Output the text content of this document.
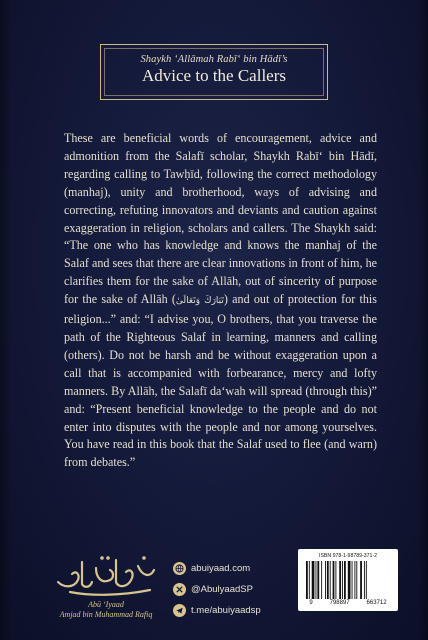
Shaykh ‘Allāmah Rabī‘ bin Hādī’s
Advice to the Callers
These are beneficial words of encouragement, advice and admonition from the Salafī scholar, Shaykh Rabī‘ bin Hādī, regarding calling to Tawḥīd, following the correct methodology (manhaj), unity and brotherhood, ways of advising and correcting, refuting innovators and deviants and caution against exaggeration in religion, scholars and callers. The Shaykh said: “The one who has knowledge and knows the manhaj of the Salaf and sees that there are clear innovations in front of him, he clarifies them for the sake of Allāh, out of sincerity of purpose for the sake of Allāh (تَبَارَكَ وَتَعَالَىٰ) and out of protection for this religion...” and: “I advise you, O brothers, that you traverse the path of the Righteous Salaf in learning, manners and calling (others). Do not be harsh and be without exaggeration upon a call that is accompanied with forbearance, mercy and lofty manners. By Allāh, the Salafī da‘wah will spread (through this)” and: “Present beneficial knowledge to the people and do not enter into disputes with the people and nor among yourselves. You have read in this book that the Salaf used to flee (and warn) from debates.”
Abū ‘Iyaad
Amjad bin Muhammad Rafiq
abuiyaad.com
@AbulyaadSP
t.me/abuiyaadsp
ISBN 978-1-98789-371-2
9	798897	663712
